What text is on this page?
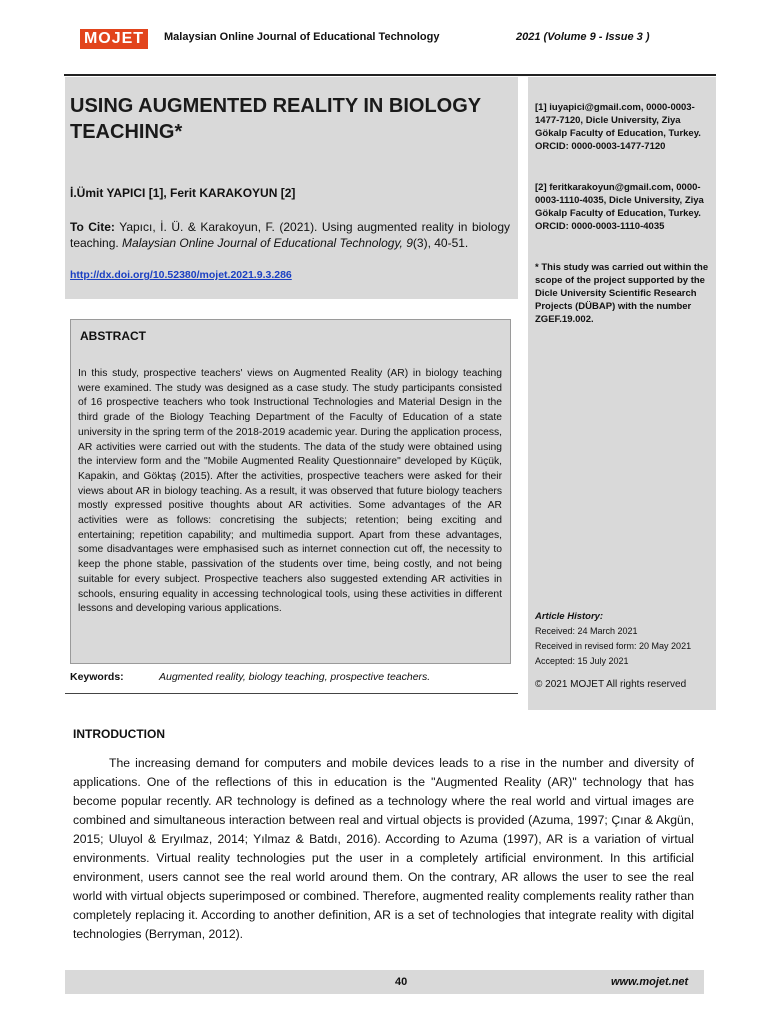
MOJET	Malaysian Online Journal of Educational Technology	2021 (Volume 9 - Issue 3 )
USING AUGMENTED REALITY IN BIOLOGY TEACHING*
İ.Ümit YAPICI [1], Ferit KARAKOYUN [2]
To Cite: Yapıcı, İ. Ü. & Karakoyun, F. (2021). Using augmented reality in biology teaching. Malaysian Online Journal of Educational Technology, 9(3), 40-51.
http://dx.doi.org/10.52380/mojet.2021.9.3.286
[1] iuyapici@gmail.com, 0000-0003-1477-7120, Dicle University, Ziya Gökalp Faculty of Education, Turkey.
ORCID: 0000-0003-1477-7120
[2] feritkarakoyun@gmail.com, 0000-0003-1110-4035, Dicle University, Ziya Gökalp Faculty of Education, Turkey.
ORCID: 0000-0003-1110-4035
* This study was carried out within the scope of the project supported by the Dicle University Scientific Research Projects (DÜBAP) with the number ZGEF.19.002.
Article History:
Received: 24 March 2021
Received in revised form: 20 May 2021
Accepted: 15 July 2021
© 2021 MOJET All rights reserved
ABSTRACT
In this study, prospective teachers' views on Augmented Reality (AR) in biology teaching were examined. The study was designed as a case study. The study participants consisted of 16 prospective teachers who took Instructional Technologies and Material Design in the third grade of the Biology Teaching Department of the Faculty of Education of a state university in the spring term of the 2018-2019 academic year. During the application process, AR activities were carried out with the students. The data of the study were obtained using the interview form and the "Mobile Augmented Reality Questionnaire" developed by Küçük, Kapakin, and Göktaş (2015). After the activities, prospective teachers were asked for their views about AR in biology teaching. As a result, it was observed that future biology teachers mostly expressed positive thoughts about AR activities. Some advantages of the AR activities were as follows: concretising the subjects; retention; being exciting and entertaining; repetition capability; and multimedia support. Apart from these advantages, some disadvantages were emphasised such as internet connection cut off, the necessity to keep the phone stable, passivation of the students over time, being costly, and not being suitable for every subject. Prospective teachers also suggested extending AR activities in schools, ensuring equality in accessing technological tools, using these activities in different lessons and developing various applications.
Keywords:	Augmented reality, biology teaching, prospective teachers.
INTRODUCTION
The increasing demand for computers and mobile devices leads to a rise in the number and diversity of applications. One of the reflections of this in education is the "Augmented Reality (AR)" technology that has become popular recently. AR technology is defined as a technology where the real world and virtual images are combined and simultaneous interaction between real and virtual objects is provided (Azuma, 1997; Çınar & Akgün, 2015; Uluyol & Eryılmaz, 2014; Yılmaz & Batdı, 2016). According to Azuma (1997), AR is a variation of virtual environments. Virtual reality technologies put the user in a completely artificial environment. In this artificial environment, users cannot see the real world around them. On the contrary, AR allows the user to see the real world with virtual objects superimposed or combined. Therefore, augmented reality complements reality rather than completely replacing it. According to another definition, AR is a set of technologies that integrate reality with digital technologies (Berryman, 2012).
40	www.mojet.net
